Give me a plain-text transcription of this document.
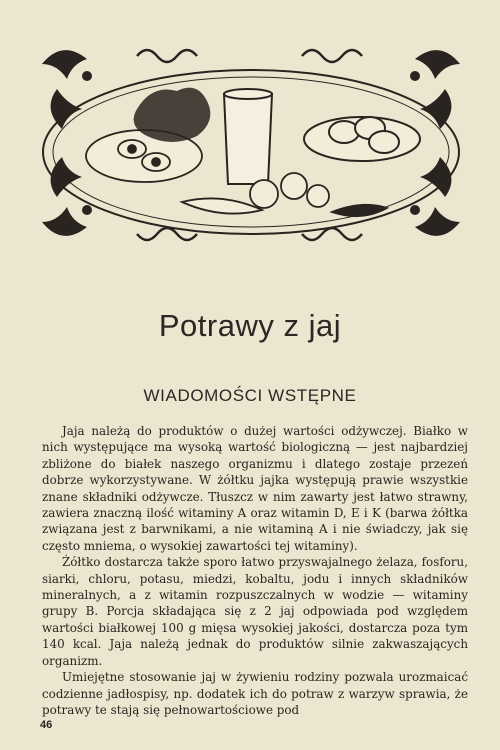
Potrawy z jaj
WIADOMOŚCI WSTĘPNE

Jaja należą do produktów o dużej wartości odżywczej. Białko w nich występujące ma wysoką wartość biologiczną — jest najbardziej zbliżone do białek naszego organizmu i dlatego zostaje przezeń dobrze wykorzystywane. W żółtku jajka występują prawie wszystkie znane składniki odżywcze. Tłuszcz w nim zawarty jest łatwo strawny, zawiera znaczną ilość witaminy A oraz witamin D, E i K (barwa żółtka związana jest z barwnikami, a nie witaminą A i nie świadczy, jak się często mniema, o wysokiej zawartości tej witaminy).

Żółtko dostarcza także sporo łatwo przyswajalnego żelaza, fosforu, siarki, chloru, potasu, miedzi, kobaltu, jodu i innych składników mineralnych, a z witamin rozpuszczalnych w wodzie — witaminy grupy B. Porcja składająca się z 2 jaj odpowiada pod względem wartości białkowej 100 g mięsa wysokiej jakości, dostarcza poza tym 140 kcal. Jaja należą jednak do produktów silnie zakwaszających organizm.

Umiejętne stosowanie jaj w żywieniu rodziny pozwala urozmaicać codzienne jadłospisy, np. dodatek ich do potraw z warzyw sprawia, że potrawy te stają się pełnowartościowe pod

46
